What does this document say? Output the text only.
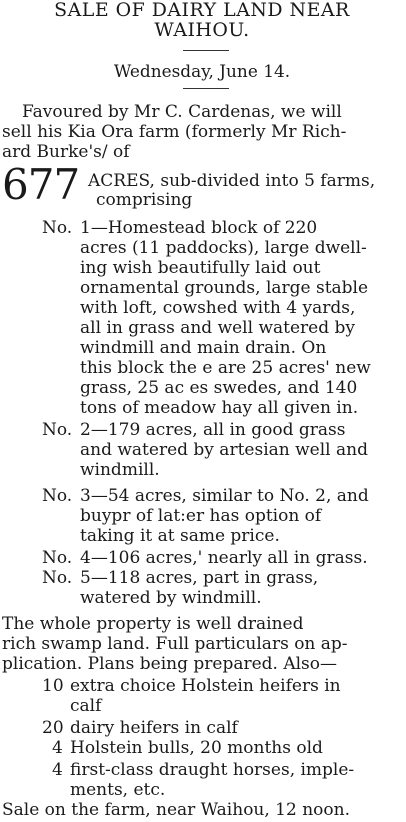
SALE OF DAIRY LAND NEAR
WAIHOU.
Wednesday, June 14.
Favoured by Mr C. Cardenas, we will
sell his Kia Ora farm (formerly Mr Rich-
ard Burke's/ of
677 ACRES, sub-divided into 5 farms,
comprising
No. 1—Homestead block of 220
acres (11 paddocks), large dwell-
ing wish beautifully laid out
ornamental grounds, large stable
with loft, cowshed with 4 yards,
all in grass and well watered by
windmill and main drain. On
this block the e are 25 acres' new
grass, 25 ac es swedes, and 140
tons of meadow hay all given in.
No. 2—179 acres, all in good grass
and watered by artesian well and
windmill.
No. 3—54 acres, similar to No. 2, and
buypr of lat:er has option of
taking it at same price.
No. 4—106 acres,' nearly all in grass.
No. 5—118 acres, part in grass,
watered by windmill.
The whole property is well drained
rich swamp land. Full particulars on ap-
plication. Plans being prepared. Also—
10 extra choice Holstein heifers in
calf
20 dairy heifers in calf
4 Holstein bulls, 20 months old
4 first-class draught horses, imple-
ments, etc.
Sale on the farm, near Waihou, 12 noon.
